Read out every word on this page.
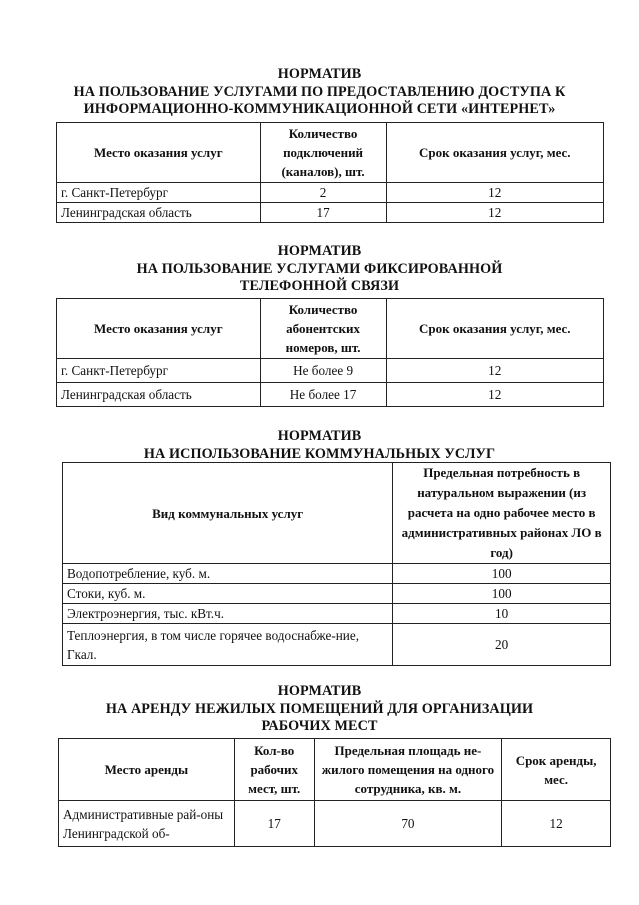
НОРМАТИВ
НА ПОЛЬЗОВАНИЕ УСЛУГАМИ ПО ПРЕДОСТАВЛЕНИЮ ДОСТУПА К
ИНФОРМАЦИОННО-КОММУНИКАЦИОННОЙ СЕТИ «ИНТЕРНЕТ»
Место оказания услуг	Количество подключений (каналов), шт.	Срок оказания услуг, мес.
г. Санкт-Петербург	2	12
Ленинградская область	17	12
НОРМАТИВ
НА ПОЛЬЗОВАНИЕ УСЛУГАМИ ФИКСИРОВАННОЙ
ТЕЛЕФОННОЙ СВЯЗИ
Место оказания услуг	Количество абонентских номеров, шт.	Срок оказания услуг, мес.
г. Санкт-Петербург	Не более 9	12
Ленинградская область	Не более 17	12
НОРМАТИВ
НА ИСПОЛЬЗОВАНИЕ КОММУНАЛЬНЫХ УСЛУГ
Вид коммунальных услуг	Предельная потребность в натуральном выражении (из расчета на одно рабочее место в административных районах ЛО в год)
Водопотребление, куб. м.	100
Стоки, куб. м.	100
Электроэнергия, тыс. кВт.ч.	10
Теплоэнергия, в том числе горячее водоснабже-ние, Гкал.	20
НОРМАТИВ
НА АРЕНДУ НЕЖИЛЫХ ПОМЕЩЕНИЙ ДЛЯ ОРГАНИЗАЦИИ
РАБОЧИХ МЕСТ
Место аренды	Кол-во рабочих мест, шт.	Предельная площадь не-жилого помещения на одного сотрудника, кв. м.	Срок аренды, мес.
Административные рай-оны Ленинградской об-	17	70	12
